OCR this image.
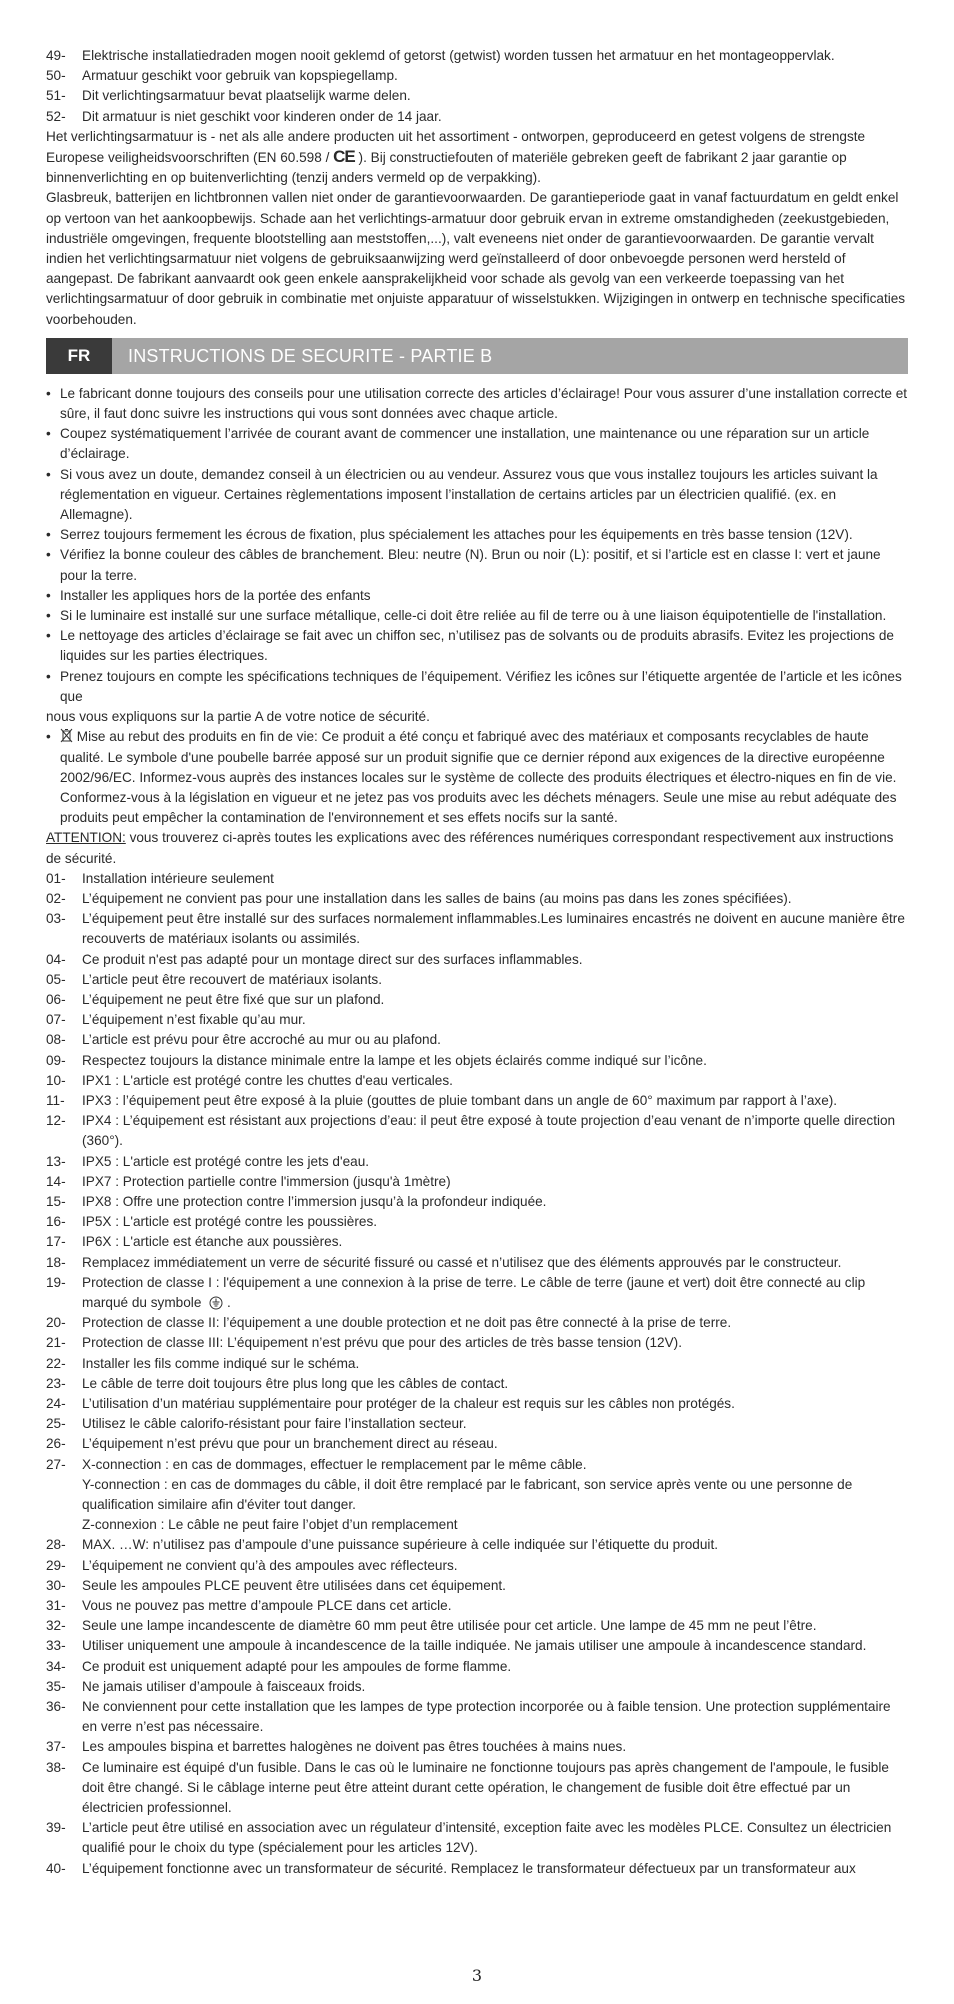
49-	Elektrische installatiedraden mogen nooit geklemd of getorst (getwist) worden tussen het armatuur en het montageoppervlak.
50-	Armatuur geschikt voor gebruik van kopspiegellamp.
51-	Dit verlichtingsarmatuur bevat plaatselijk warme delen.
52-	Dit armatuur is niet geschikt voor kinderen onder de 14 jaar.

Het verlichtingsarmatuur is - net als alle andere producten uit het assortiment - ontworpen, geproduceerd en getest volgens de strengste Europese veiligheidsvoorschriften (EN 60.598 / CE ). Bij constructiefouten of materiële gebreken geeft de fabrikant 2 jaar garantie op binnenverlichting en op buitenverlichting (tenzij anders vermeld op de verpakking).

Glasbreuk, batterijen en lichtbronnen vallen niet onder de garantievoorwaarden. De garantieperiode gaat in vanaf factuurdatum en geldt enkel op vertoon van het aankoopbewijs. Schade aan het verlichtings-armatuur door gebruik ervan in extreme omstandigheden (zeekustgebieden, industriële omgevingen, frequente blootstelling aan meststoffen,...), valt eveneens niet onder de garantievoorwaarden. De garantie vervalt indien het verlichtingsarmatuur niet volgens de gebruiksaanwijzing werd geïnstalleerd of door onbevoegde personen werd hersteld of aangepast. De fabrikant aanvaardt ook geen enkele aansprakelijkheid voor schade als gevolg van een verkeerde toepassing van het verlichtingsarmatuur of door gebruik in combinatie met onjuiste apparatuur of wisselstukken. Wijzigingen in ontwerp en technische specificaties voorbehouden.

FR	INSTRUCTIONS DE SECURITE - PARTIE B
• Le fabricant donne toujours des conseils pour une utilisation correcte des articles d’éclairage! Pour vous assurer d’une installation correcte et sûre, il faut donc suivre les instructions qui vous sont données avec chaque article.
• Coupez systématiquement l’arrivée de courant avant de commencer une installation, une maintenance ou une réparation sur un article d’éclairage.
• Si vous avez un doute, demandez conseil à un électricien ou au vendeur. Assurez vous que vous installez toujours les articles suivant la réglementation en vigueur. Certaines règlementations imposent l’installation de certains articles par un électricien qualifié. (ex. en Allemagne).
• Serrez toujours fermement les écrous de fixation, plus spécialement les attaches pour les équipements en très basse tension (12V).
• Vérifiez la bonne couleur des câbles de branchement. Bleu: neutre (N). Brun ou noir (L): positif, et si l’article est en classe I: vert et jaune pour la terre.
• Installer les appliques hors de la portée des enfants
• Si le luminaire est installé sur une surface métallique, celle-ci doit être reliée au fil de terre ou à une liaison équipotentielle de l'installation.
• Le nettoyage des articles d’éclairage se fait avec un chiffon sec, n’utilisez pas de solvants ou de produits abrasifs. Evitez les projections de liquides sur les parties électriques.
• Prenez toujours en compte les spécifications techniques de l’équipement. Vérifiez les icônes sur l’étiquette argentée de l’article et les icônes que
nous vous expliquons sur la partie A de votre notice de sécurité.
•	Mise au rebut des produits en fin de vie: Ce produit a été conçu et fabriqué avec des matériaux et composants recyclables de haute qualité. Le symbole d'une poubelle barrée apposé sur un produit signifie que ce dernier répond aux exigences de la directive européenne 2002/96/EC. Informez-vous auprès des instances locales sur le système de collecte des produits électriques et électro-niques en fin de vie. Conformez-vous à la législation en vigueur et ne jetez pas vos produits avec les déchets ménagers. Seule une mise au rebut adéquate des produits peut empêcher la contamination de l'environnement et ses effets nocifs sur la santé.
ATTENTION: vous trouverez ci-après toutes les explications avec des références numériques correspondant respectivement aux instructions de sécurité.
01-	Installation intérieure seulement
02-	L’équipement ne convient pas pour une installation dans les salles de bains (au moins pas dans les zones spécifiées).
03-	L’équipement peut être installé sur des surfaces normalement inflammables.Les luminaires encastrés ne doivent en aucune manière être recouverts de matériaux isolants ou assimilés.
04-	Ce produit n'est pas adapté pour un montage direct sur des surfaces inflammables.
05-	L’article peut être recouvert de matériaux isolants.
06-	L’équipement ne peut être fixé que sur un plafond.
07-	L’équipement n’est fixable qu’au mur.
08-	L’article est prévu pour être accroché au mur ou au plafond.
09-	Respectez toujours la distance minimale entre la lampe et les objets éclairés comme indiqué sur l’icône.
10-	IPX1 : L'article est protégé contre les chuttes d'eau verticales.
11-	IPX3 : l’équipement peut être exposé à la pluie (gouttes de pluie tombant dans un angle de 60° maximum par rapport à l’axe).
12-	IPX4 : L’équipement est résistant aux projections d’eau: il peut être exposé à toute projection d’eau venant de n’importe quelle direction (360°).
13-	IPX5 : L'article est protégé contre les jets d'eau.
14-	IPX7 : Protection partielle contre l'immersion (jusqu'à 1mètre)
15-	IPX8 : Offre une protection contre l’immersion jusqu’à la profondeur indiquée.
16-	IP5X : L'article est protégé contre les poussières.
17-	IP6X : L'article est étanche aux poussières.
18-	Remplacez immédiatement un verre de sécurité fissuré ou cassé et n’utilisez que des éléments approuvés par le constructeur.
19-	Protection de classe I : l'équipement a une connexion à la prise de terre. Le câble de terre (jaune et vert) doit être connecté au clip marqué du symbole  .
20-	Protection de classe II: l’équipement a une double protection et ne doit pas être connecté à la prise de terre.
21-	Protection de classe III: L’équipement n’est prévu que pour des articles de très basse tension (12V).
22-	Installer les fils comme indiqué sur le schéma.
23-	Le câble de terre doit toujours être plus long que les câbles de contact.
24-	L’utilisation d’un matériau supplémentaire pour protéger de la chaleur est requis sur les câbles non protégés.
25-	Utilisez le câble calorifo-résistant pour faire l’installation secteur.
26-	L’équipement n’est prévu que pour un branchement direct au réseau.
27-	X-connection : en cas de dommages, effectuer le remplacement par le même câble.
Y-connection : en cas de dommages du câble, il doit être remplacé par le fabricant, son service après vente ou une personne de qualification similaire afin d'éviter tout danger.
Z-connexion : Le câble ne peut faire l’objet d’un remplacement
28-	MAX. …W: n’utilisez pas d’ampoule d’une puissance supérieure à celle indiquée sur l’étiquette du produit.
29-	L’équipement ne convient qu’à des ampoules avec réflecteurs.
30-	Seule les ampoules PLCE peuvent être utilisées dans cet équipement.
31-	Vous ne pouvez pas mettre d’ampoule PLCE dans cet article.
32-	Seule une lampe incandescente de diamètre 60 mm peut être utilisée pour cet article. Une lampe de 45 mm ne peut l’être.
33-	Utiliser uniquement une ampoule à incandescence de la taille indiquée. Ne jamais utiliser une ampoule à incandescence standard.
34-	Ce produit est uniquement adapté pour les ampoules de forme flamme.
35-	Ne jamais utiliser d’ampoule à faisceaux froids.
36-	Ne conviennent pour cette installation que les lampes de type protection incorporée ou à faible tension. Une protection supplémentaire en verre n’est pas nécessaire.
37-	Les ampoules bispina et barrettes halogènes ne doivent pas êtres touchées à mains nues.
38-	Ce luminaire est équipé d'un fusible. Dans le cas où le luminaire ne fonctionne toujours pas après changement de l'ampoule, le fusible doit être changé. Si le câblage interne peut être atteint durant cette opération, le changement de fusible doit être effectué par un électricien professionnel.
39-	L’article peut être utilisé en association avec un régulateur d’intensité, exception faite avec les modèles PLCE. Consultez un électricien qualifié pour le choix du type (spécialement pour les articles 12V).
40-	L’équipement fonctionne avec un transformateur de sécurité. Remplacez le transformateur défectueux par un transformateur aux
3
